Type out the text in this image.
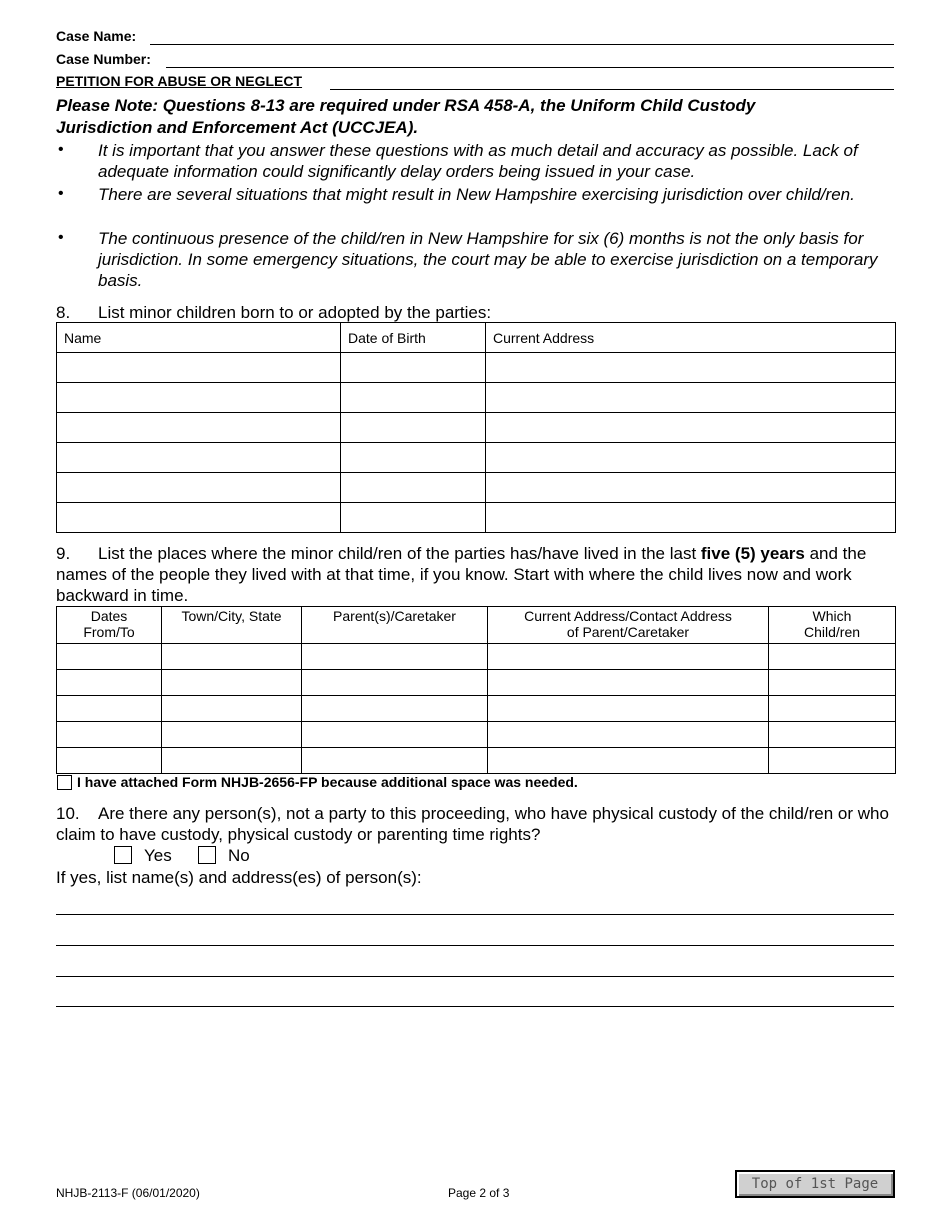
Case Name:
Case Number:
PETITION FOR ABUSE OR NEGLECT
Please Note: Questions 8-13 are required under RSA 458-A, the Uniform Child Custody
Jurisdiction and Enforcement Act (UCCJEA).
• It is important that you answer these questions with as much detail and accuracy as possible. Lack of adequate information could significantly delay orders being issued in your case.
• There are several situations that might result in New Hampshire exercising jurisdiction over child/ren.
• The continuous presence of the child/ren in New Hampshire for six (6) months is not the only basis for jurisdiction. In some emergency situations, the court may be able to exercise jurisdiction on a temporary basis.
8. List minor children born to or adopted by the parties:
Name	Date of Birth	Current Address

9. List the places where the minor child/ren of the parties has/have lived in the last five (5) years and the names of the people they lived with at that time, if you know. Start with where the child lives now and work backward in time.
Dates From/To	Town/City, State	Parent(s)/Caretaker	Current Address/Contact Address of Parent/Caretaker	Which Child/ren

I have attached Form NHJB-2656-FP because additional space was needed.
10. Are there any person(s), not a party to this proceeding, who have physical custody of the child/ren or who claim to have custody, physical custody or parenting time rights?
Yes	No
If yes, list name(s) and address(es) of person(s):
NHJB-2113-F (06/01/2020)	Page 2 of 3
Top of 1st Page
